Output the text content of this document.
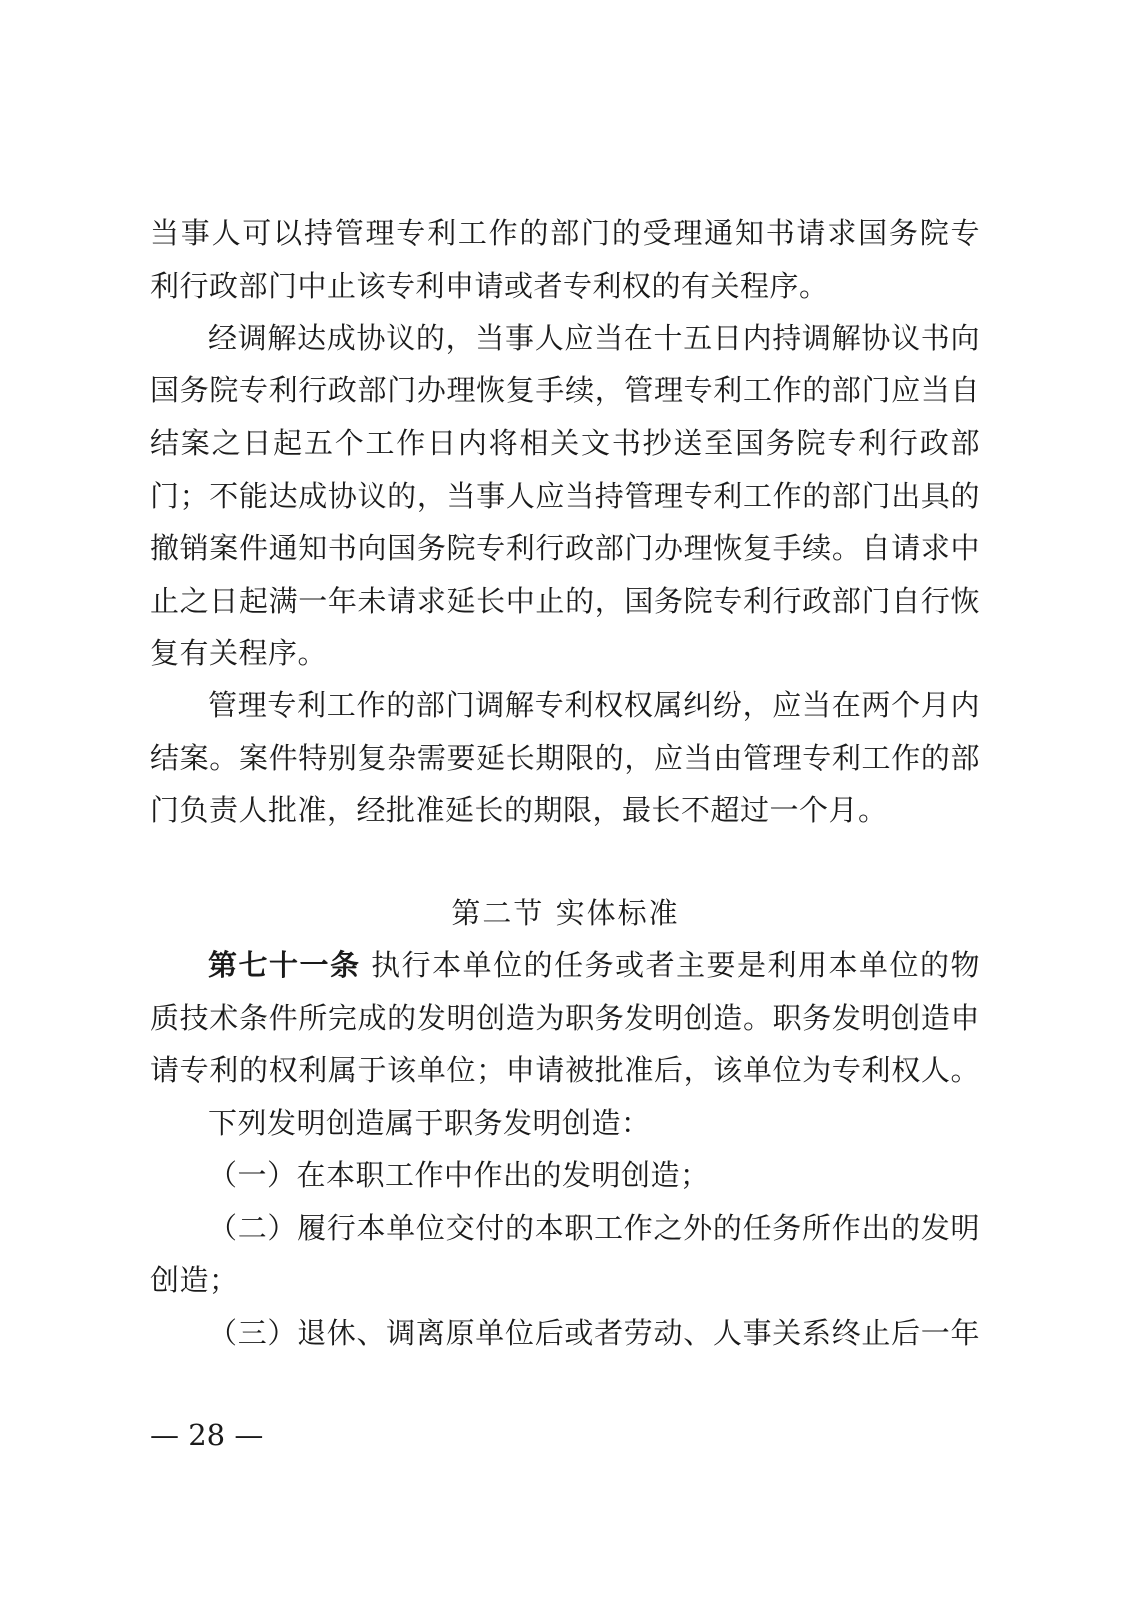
当事人可以持管理专利工作的部门的受理通知书请求国务院专
利行政部门中止该专利申请或者专利权的有关程序。
经调解达成协议的，当事人应当在十五日内持调解协议书向
国务院专利行政部门办理恢复手续，管理专利工作的部门应当自
结案之日起五个工作日内将相关文书抄送至国务院专利行政部
门；不能达成协议的，当事人应当持管理专利工作的部门出具的
撤销案件通知书向国务院专利行政部门办理恢复手续。自请求中
止之日起满一年未请求延长中止的，国务院专利行政部门自行恢
复有关程序。
管理专利工作的部门调解专利权权属纠纷，应当在两个月内
结案。案件特别复杂需要延长期限的，应当由管理专利工作的部
门负责人批准，经批准延长的期限，最长不超过一个月。
第二节 实体标准
第七十一条 执行本单位的任务或者主要是利用本单位的物
质技术条件所完成的发明创造为职务发明创造。职务发明创造申
请专利的权利属于该单位；申请被批准后，该单位为专利权人。
下列发明创造属于职务发明创造：
（一）在本职工作中作出的发明创造；
（二）履行本单位交付的本职工作之外的任务所作出的发明
创造；
（三）退休、调离原单位后或者劳动、人事关系终止后一年
— 28 —
